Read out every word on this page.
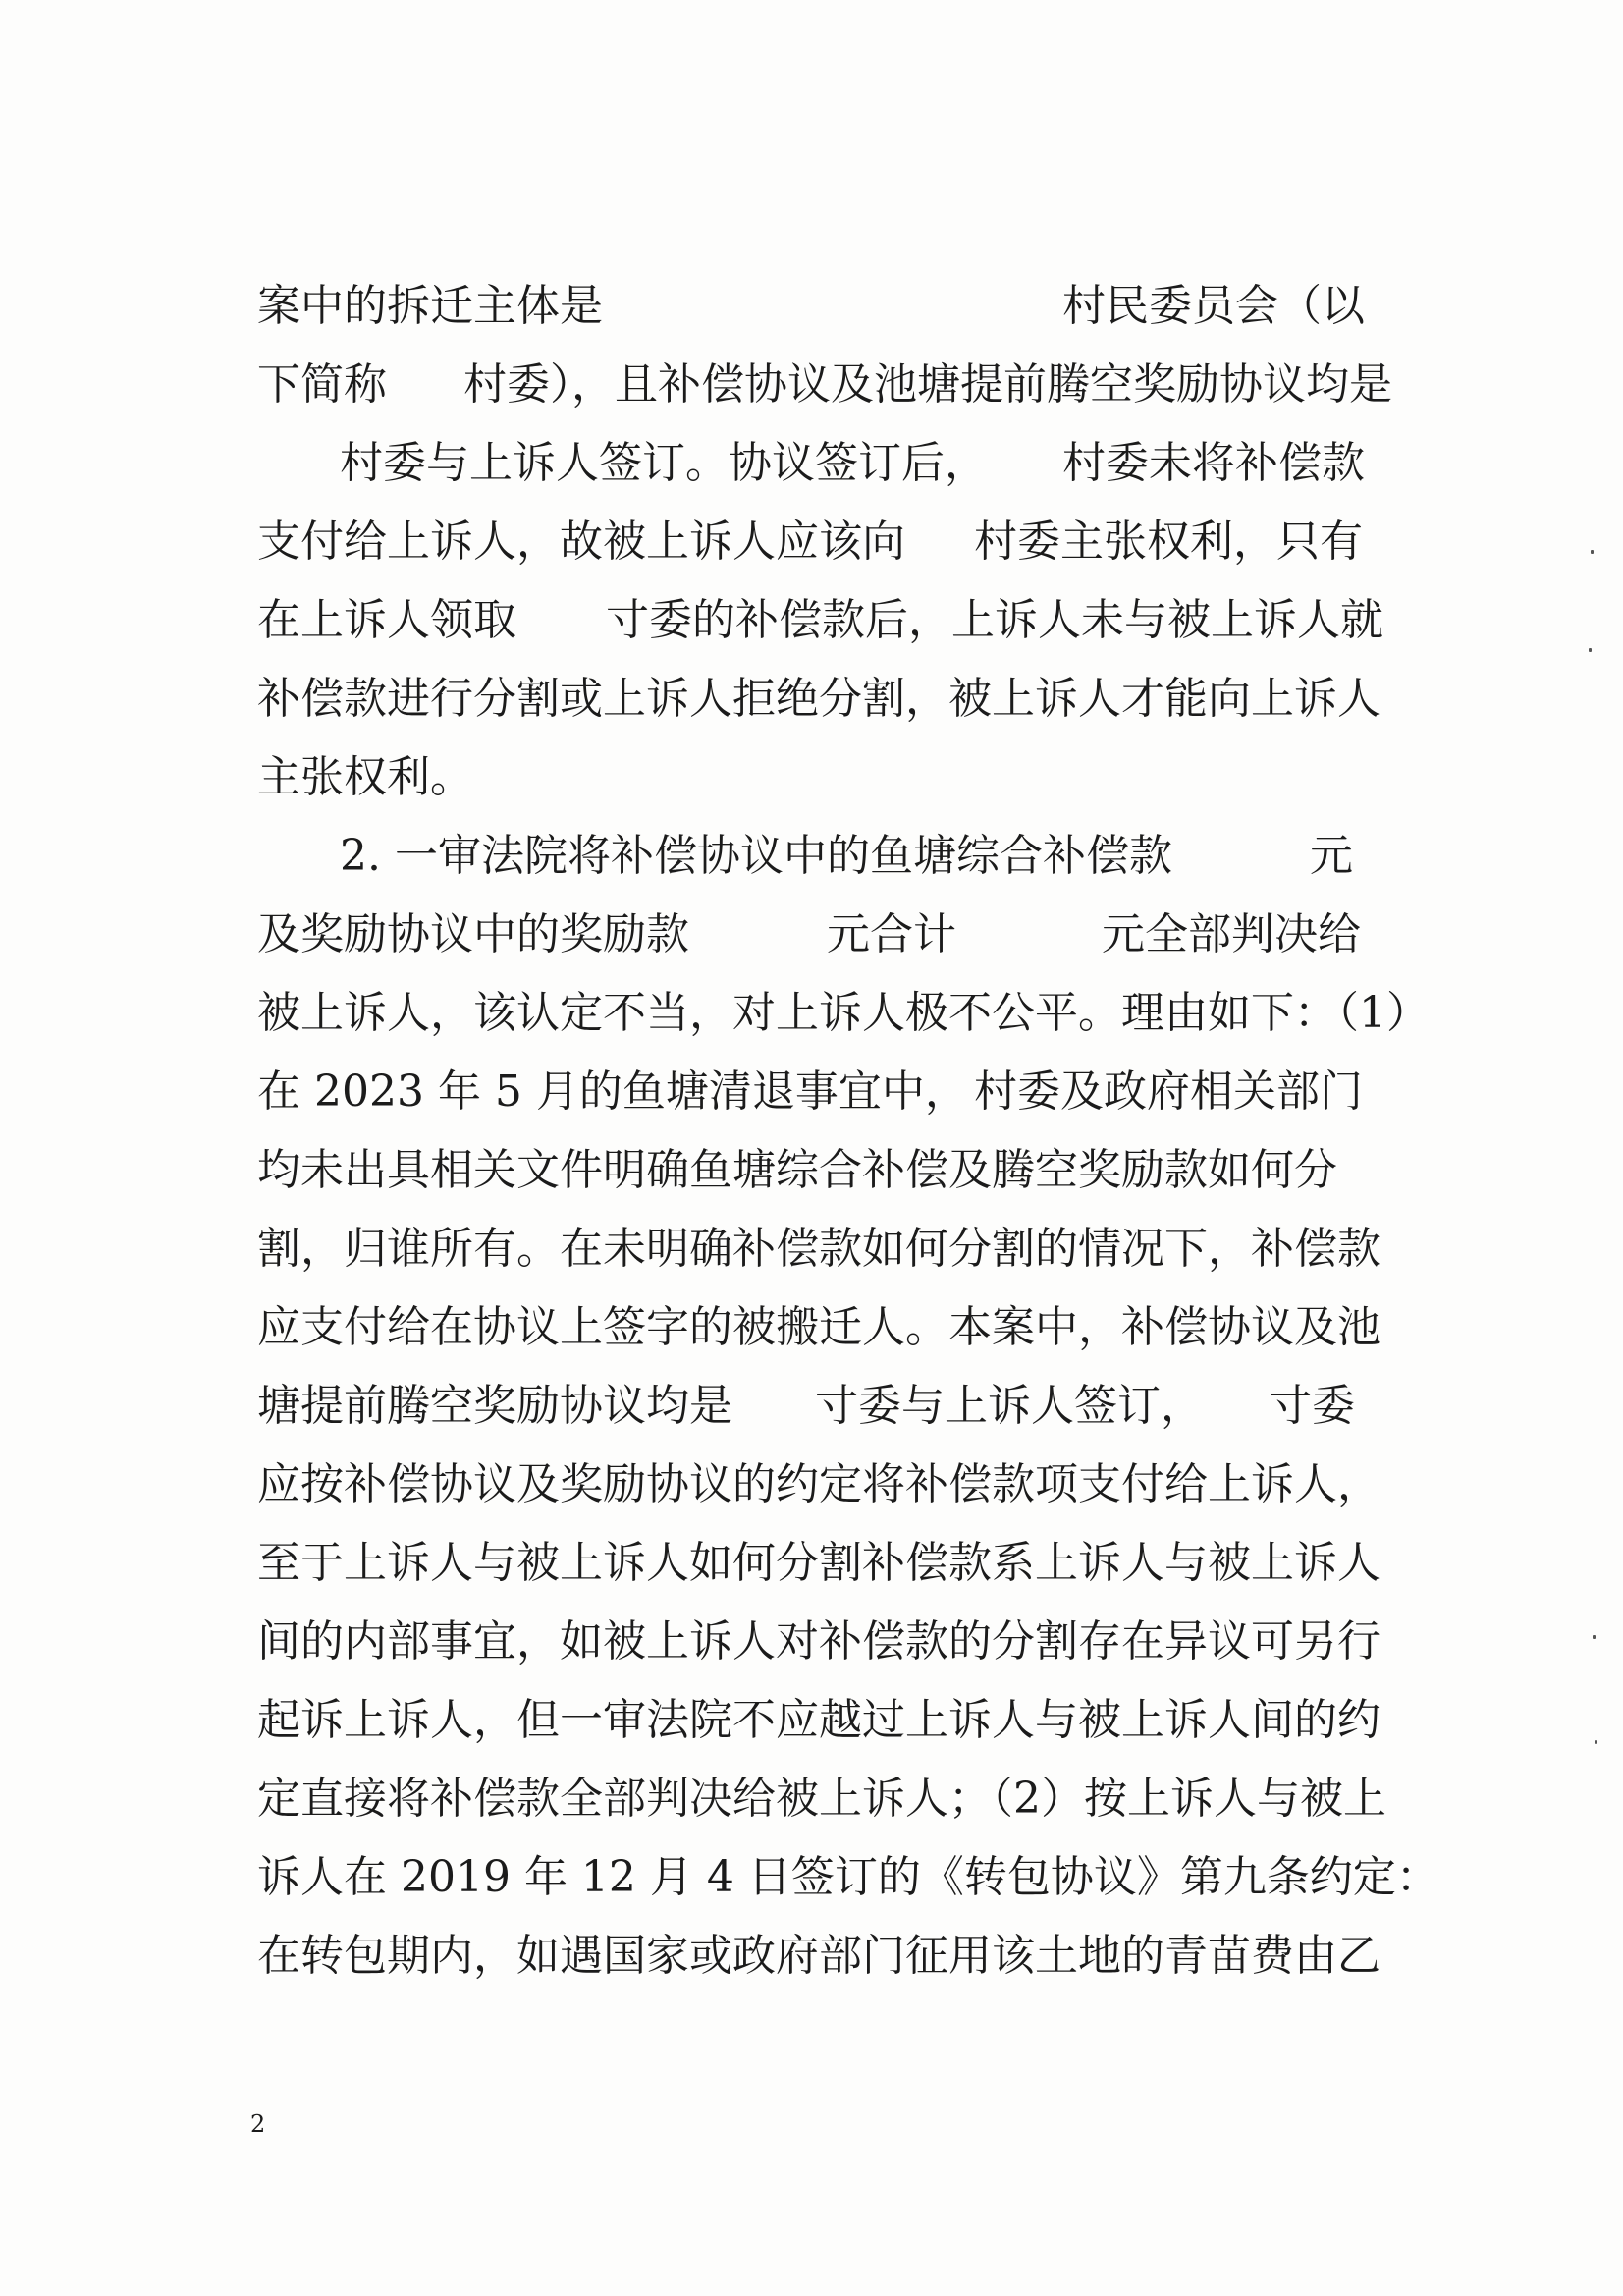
案中的拆迁主体是	村民委员会（以
下简称 村委），且补偿协议及池塘提前腾空奖励协议均是
村委与上诉人签订。协议签订后， 村委未将补偿款
支付给上诉人，故被上诉人应该向 村委主张权利，只有
在上诉人领取 寸委的补偿款后，上诉人未与被上诉人就
补偿款进行分割或上诉人拒绝分割，被上诉人才能向上诉人
主张权利。
2. 一审法院将补偿协议中的鱼塘综合补偿款	元
及奖励协议中的奖励款	元合计	元全部判决给
被上诉人，该认定不当，对上诉人极不公平。理由如下：（1）
在 2023 年 5 月的鱼塘清退事宜中， 村委及政府相关部门
均未出具相关文件明确鱼塘综合补偿及腾空奖励款如何分
割，归谁所有。在未明确补偿款如何分割的情况下，补偿款
应支付给在协议上签字的被搬迁人。本案中，补偿协议及池
塘提前腾空奖励协议均是 寸委与上诉人签订， 寸委
应按补偿协议及奖励协议的约定将补偿款项支付给上诉人，
至于上诉人与被上诉人如何分割补偿款系上诉人与被上诉人
间的内部事宜，如被上诉人对补偿款的分割存在异议可另行
起诉上诉人，但一审法院不应越过上诉人与被上诉人间的约
定直接将补偿款全部判决给被上诉人；（2）按上诉人与被上
诉人在 2019 年 12 月 4 日签订的《转包协议》第九条约定：
在转包期内，如遇国家或政府部门征用该土地的青苗费由乙
2
